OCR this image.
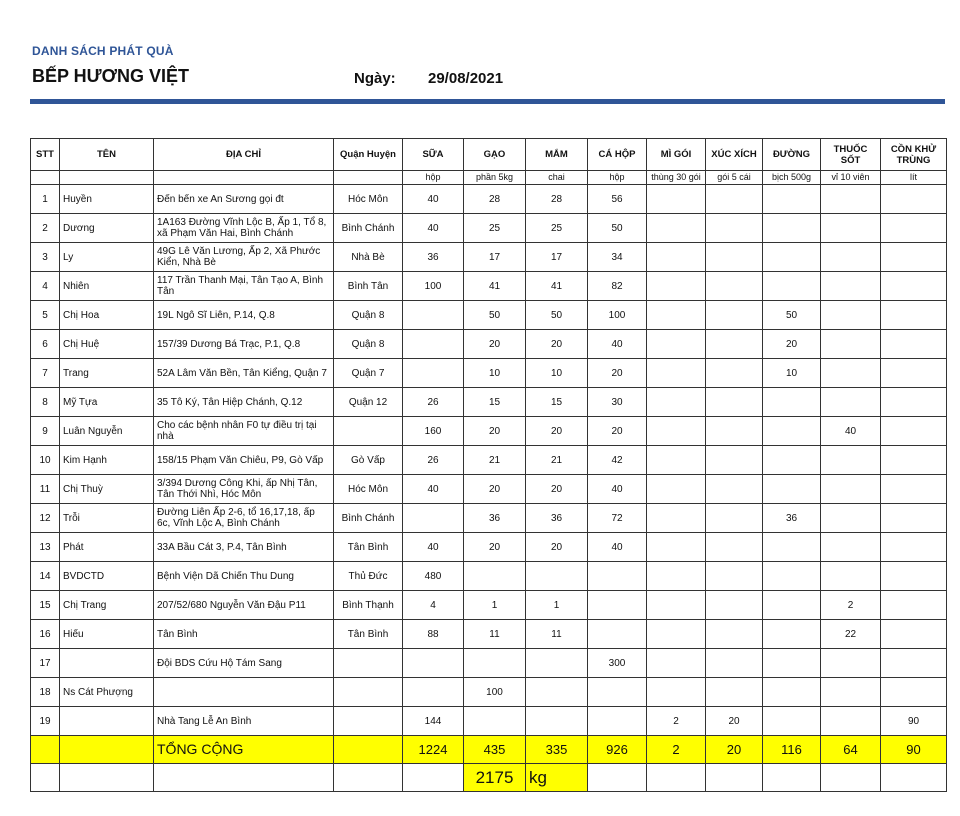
DANH SÁCH PHÁT QUÀ
BẾP HƯƠNG VIỆT	Ngày: 29/08/2021
STT	TÊN	ĐỊA CHỈ	Quận Huyện	SỮA	GẠO	MẮM	CÁ HỘP	MÌ GÓI	XÚC XÍCH	ĐƯỜNG	THUỐC SỐT	CỒN KHỬ TRÙNG
				hộp	phần 5kg	chai	hộp	thùng 30 gói	gói 5 cái	bịch 500g	vỉ 10 viên	lít
1	Huyền	Đến bến xe An Sương gọi đt	Hóc Môn	40	28	28	56					
2	Dương	1A163 Đường Vĩnh Lộc B, Ấp 1, Tổ 8, xã Phạm Văn Hai, Bình Chánh	Bình Chánh	40	25	25	50					
3	Ly	49G Lê Văn Lương, Ấp 2, Xã Phước Kiển, Nhà Bè	Nhà Bè	36	17	17	34					
4	Nhiên	117 Trần Thanh Mại, Tân Tạo A, Bình Tân	Bình Tân	100	41	41	82					
5	Chị Hoa	19L Ngô Sĩ Liên, P.14, Q.8	Quận 8		50	50	100			50		
6	Chị Huệ	157/39 Dương Bá Trạc, P.1, Q.8	Quận 8		20	20	40			20		
7	Trang	52A Lâm Văn Bền, Tân Kiểng, Quận 7	Quận 7		10	10	20			10		
8	Mỹ Tựa	35 Tô Ký, Tân Hiệp Chánh, Q.12	Quận 12	26	15	15	30					
9	Luân Nguyễn	Cho các bệnh nhân F0 tự điều trị tại nhà		160	20	20	20				40	
10	Kim Hạnh	158/15 Phạm Văn Chiêu, P9, Gò Vấp	Gò Vấp	26	21	21	42					
11	Chị Thuỳ	3/394 Dương Công Khi, ấp Nhị Tân, Tân Thới Nhì, Hóc Môn	Hóc Môn	40	20	20	40					
12	Trỗi	Đường Liên Ấp 2-6, tổ 16,17,18, ấp 6c, Vĩnh Lộc A, Bình Chánh	Bình Chánh		36	36	72			36		
13	Phát	33A Bầu Cát 3, P.4, Tân Bình	Tân Bình	40	20	20	40					
14	BVDCTD	Bệnh Viện Dã Chiến Thu Dung	Thủ Đức	480								
15	Chị Trang	207/52/680 Nguyễn Văn Đậu P11	Bình Thạnh	4	1	1					2	
16	Hiếu	Tân Bình	Tân Bình	88	11	11					22	
17		Đội BDS Cứu Hộ Tám Sang					300					
18	Ns Cát Phượng				100							
19		Nhà Tang Lễ An Bình		144				2	20			90
		TỔNG CỘNG		1224	435	335	926	2	20	116	64	90
					2175	kg						
